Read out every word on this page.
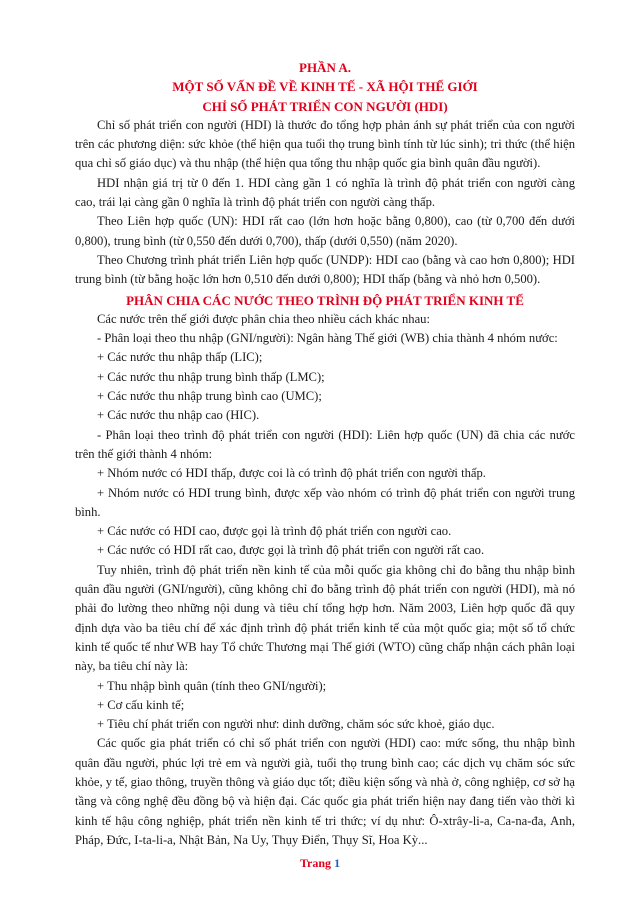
PHẦN A.
MỘT SỐ VẤN ĐỀ VỀ KINH TẾ - XÃ HỘI THẾ GIỚI
CHỈ SỐ PHÁT TRIỂN CON NGƯỜI (HDI)

Chỉ số phát triển con người (HDI) là thước đo tổng hợp phản ánh sự phát triển của con người trên các phương diện: sức khỏe (thể hiện qua tuổi thọ trung bình tính từ lúc sinh); tri thức (thể hiện qua chỉ số giáo dục) và thu nhập (thể hiện qua tổng thu nhập quốc gia bình quân đầu người).

HDI nhận giá trị từ 0 đến 1. HDI càng gần 1 có nghĩa là trình độ phát triển con người càng cao, trái lại càng gần 0 nghĩa là trình độ phát triển con người càng thấp.

Theo Liên hợp quốc (UN): HDI rất cao (lớn hơn hoặc bằng 0,800), cao (từ 0,700 đến dưới 0,800), trung bình (từ 0,550 đến dưới 0,700), thấp (dưới 0,550) (năm 2020).

Theo Chương trình phát triển Liên hợp quốc (UNDP): HDI cao (bằng và cao hơn 0,800); HDI trung bình (từ bằng hoặc lớn hơn 0,510 đến dưới 0,800); HDI thấp (bằng và nhỏ hơn 0,500).

PHÂN CHIA CÁC NƯỚC THEO TRÌNH ĐỘ PHÁT TRIỂN KINH TẾ

Các nước trên thế giới được phân chia theo nhiều cách khác nhau:

- Phân loại theo thu nhập (GNI/người): Ngân hàng Thế giới (WB) chia thành 4 nhóm nước:

+ Các nước thu nhập thấp (LIC);

+ Các nước thu nhập trung bình thấp (LMC);

+ Các nước thu nhập trung bình cao (UMC);

+ Các nước thu nhập cao (HIC).

- Phân loại theo trình độ phát triển con người (HDI): Liên hợp quốc (UN) đã chia các nước trên thế giới thành 4 nhóm:

+ Nhóm nước có HDI thấp, được coi là có trình độ phát triển con người thấp.

+ Nhóm nước có HDI trung bình, được xếp vào nhóm có trình độ phát triển con người trung bình.

+ Các nước có HDI cao, được gọi là trình độ phát triển con người cao.

+ Các nước có HDI rất cao, được gọi là trình độ phát triển con người rất cao.

Tuy nhiên, trình độ phát triển nền kinh tế của mỗi quốc gia không chỉ đo bằng thu nhập bình quân đầu người (GNI/người), cũng không chỉ đo bằng trình độ phát triển con người (HDI), mà nó phải đo lường theo những nội dung và tiêu chí tổng hợp hơn. Năm 2003, Liên hợp quốc đã quy định dựa vào ba tiêu chí để xác định trình độ phát triển kinh tế của một quốc gia; một số tổ chức kinh tế quốc tế như WB hay Tổ chức Thương mại Thế giới (WTO) cũng chấp nhận cách phân loại này, ba tiêu chí này là:

+ Thu nhập bình quân (tính theo GNI/người);

+ Cơ cấu kinh tế;

+ Tiêu chí phát triển con người như: dinh dưỡng, chăm sóc sức khoẻ, giáo dục.

Các quốc gia phát triển có chỉ số phát triển con người (HDI) cao: mức sống, thu nhập bình quân đầu người, phúc lợi trẻ em và người già, tuổi thọ trung bình cao; các dịch vụ chăm sóc sức khỏe, y tế, giao thông, truyền thông và giáo dục tốt; điều kiện sống và nhà ở, công nghiệp, cơ sở hạ tầng và công nghệ đều đồng bộ và hiện đại. Các quốc gia phát triển hiện nay đang tiến vào thời kì kinh tế hậu công nghiệp, phát triển nền kinh tế tri thức; ví dụ như: Ô-xtrây-li-a, Ca-na-đa, Anh, Pháp, Đức, I-ta-li-a, Nhật Bản, Na Uy, Thụy Điển, Thụy Sĩ, Hoa Kỳ...

Trang 1
